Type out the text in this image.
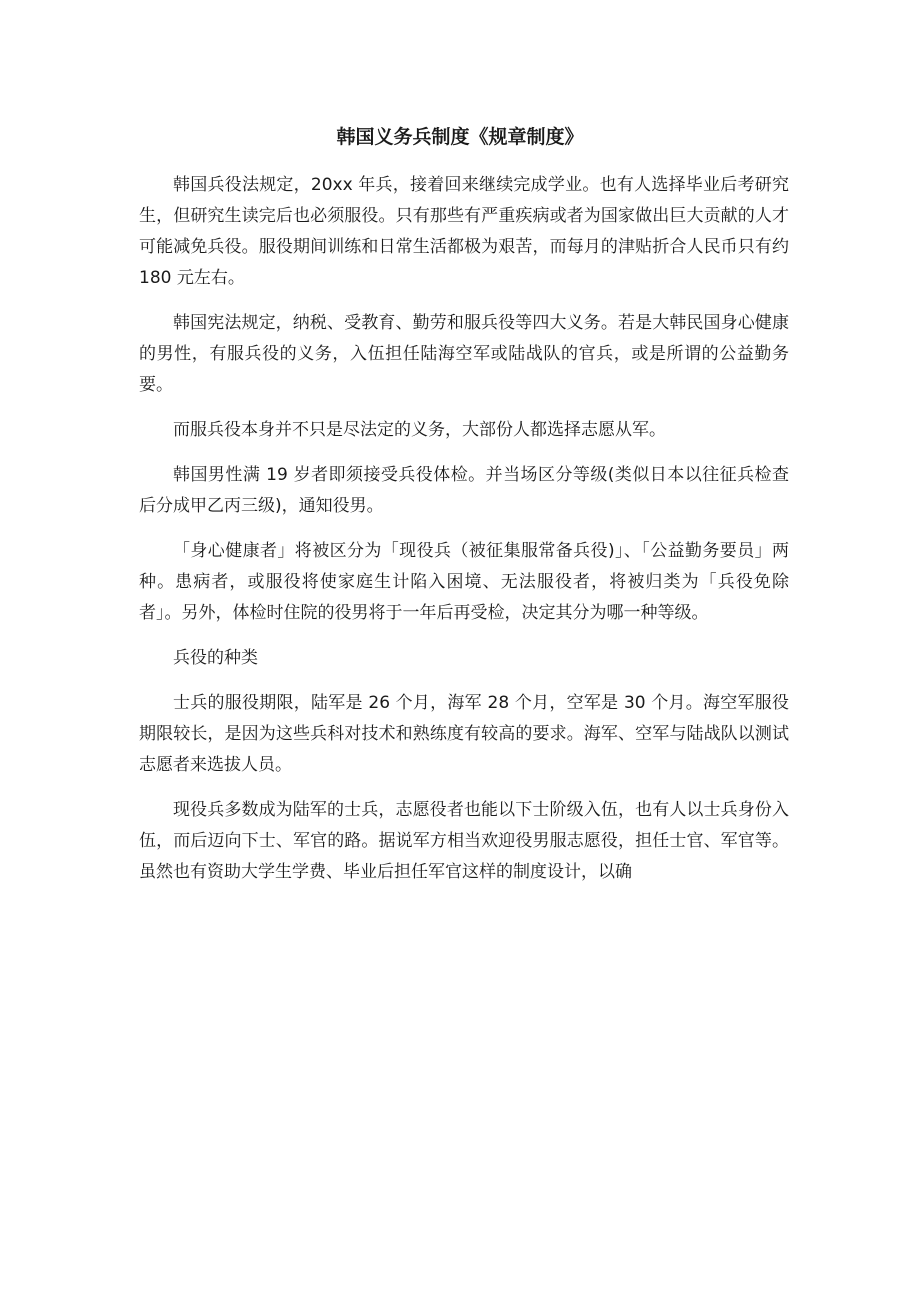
韩国义务兵制度《规章制度》

韩国兵役法规定，20xx 年兵，接着回来继续完成学业。也有人选择毕业后考研究生，但研究生读完后也必须服役。只有那些有严重疾病或者为国家做出巨大贡献的人才可能减免兵役。服役期间训练和日常生活都极为艰苦，而每月的津贴折合人民币只有约 180 元左右。

韩国宪法规定，纳税、受教育、勤劳和服兵役等四大义务。若是大韩民国身心健康的男性，有服兵役的义务，入伍担任陆海空军或陆战队的官兵，或是所谓的公益勤务要。

而服兵役本身并不只是尽法定的义务，大部份人都选择志愿从军。

韩国男性满 19 岁者即须接受兵役体检。并当场区分等级(类似日本以往征兵检查后分成甲乙丙三级)，通知役男。

「身心健康者」将被区分为「现役兵（被征集服常备兵役)」、「公益勤务要员」两种。患病者，或服役将使家庭生计陷入困境、无法服役者，将被归类为「兵役免除者」。另外，体检时住院的役男将于一年后再受检，决定其分为哪一种等级。

兵役的种类

士兵的服役期限，陆军是 26 个月，海军 28 个月，空军是 30 个月。海空军服役期限较长，是因为这些兵科对技术和熟练度有较高的要求。海军、空军与陆战队以测试志愿者来选拔人员。

现役兵多数成为陆军的士兵，志愿役者也能以下士阶级入伍，也有人以士兵身份入伍，而后迈向下士、军官的路。据说军方相当欢迎役男服志愿役，担任士官、军官等。虽然也有资助大学生学费、毕业后担任军官这样的制度设计，以确
